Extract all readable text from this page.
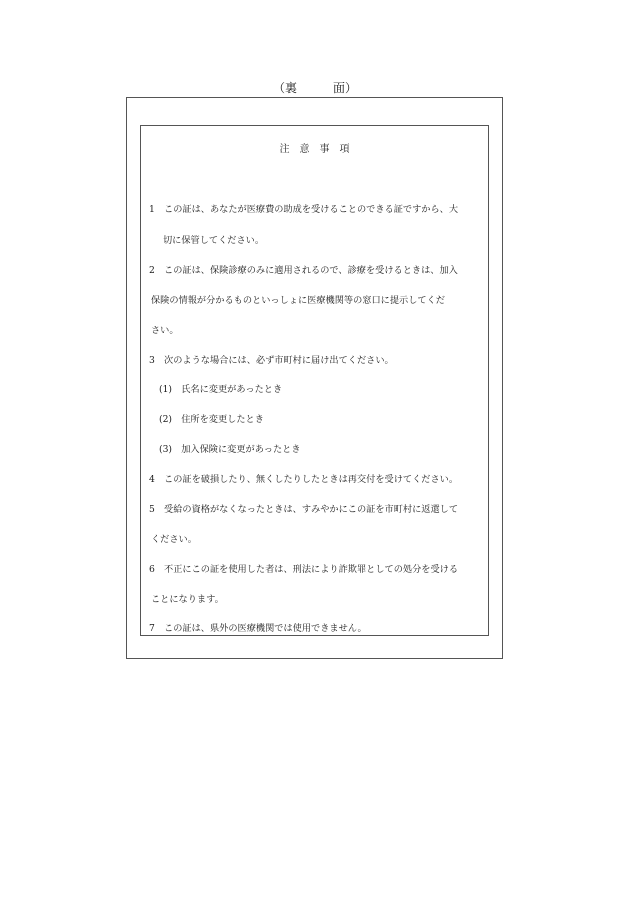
（裏　　　面）
注　意　事　項
1　この証は、あなたが医療費の助成を受けることのできる証ですから、大
切に保管してください。
2　この証は、保険診療のみに適用されるので、診療を受けるときは、加入
保険の情報が分かるものといっしょに医療機関等の窓口に提示してくだ
さい。
3　次のような場合には、必ず市町村に届け出てください。
(1)　氏名に変更があったとき
(2)　住所を変更したとき
(3)　加入保険に変更があったとき
4　この証を破損したり、無くしたりしたときは再交付を受けてください。
5　受給の資格がなくなったときは、すみやかにこの証を市町村に返還して
ください。
6　不正にこの証を使用した者は、刑法により詐欺罪としての処分を受ける
ことになります。
7　この証は、県外の医療機関では使用できません。
